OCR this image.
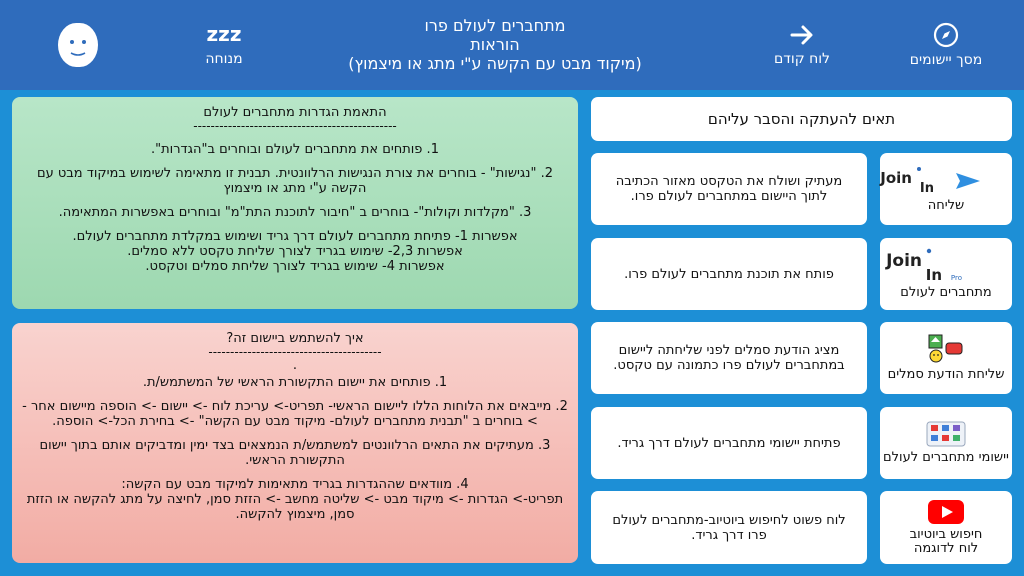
מסך יישומים
לוח קודם
מתחברים לעולם פרו
הוראות
(מיקוד מבט עם הקשה ע"י מתג או מיצמוץ)
zzz
מנוחה

התאמת הגדרות מתחברים לעולם

-----------------------------------------------

1. פותחים את מתחברים לעולם ובוחרים ב"הגדרות".

2. "נגישות" - בוחרים את צורת הנגישות הרלוונטית. תבנית זו מתאימה לשימוש במיקוד מבט עם הקשה ע"י מתג או מיצמוץ

3. "מקלדות וקולות"- בוחרים ב "חיבור לתוכנת התת"מ" ובוחרים באפשרות המתאימה.

אפשרות 1- פתיחת מתחברים לעולם דרך גריד ושימוש במקלדת מתחברים לעולם.

אפשרות 2,3- שימוש בגריד לצורך שליחת טקסט ללא סמלים.

אפשרות 4- שימוש בגריד לצורך שליחת סמלים וטקסט.

איך להשתמש ביישום זה?

----------------------------------------

.

1. פותחים את יישום התקשורת הראשי של המשתמש/ת.

2. מייבאים את הלוחות הללו ליישום הראשי- תפריט-> עריכת לוח -> יישום -> הוספה מיישום אחר -> בוחרים ב "תבנית מתחברים לעולם- מיקוד מבט עם הקשה" -> בחירת הכל-> הוספה.

3. מעתיקים את התאים הרלוונטים למשתמש/ת הנמצאים בצד ימין ומדביקים אותם בתוך יישום התקשורת הראשי.

4. מוודאים שההגדרות בגריד מתאימות למיקוד מבט עם הקשה:

תפריט-> הגדרות -> מיקוד מבט -> שליטה מחשב -> הזזת סמן, לחיצה על מתג להקשה או הזזת סמן, מיצמוץ להקשה.

תאים להעתקה והסבר עליהם
מעתיק ושולח את הטקסט מאזור הכתיבה לתוך היישום במתחברים לעולם פרו.
Join
In
שליחה
פותח את תוכנת מתחברים לעולם פרו.
Join
In Pro
מתחברים לעולם
מציג הודעת סמלים לפני שליחתה ליישום במתחברים לעולם פרו כתמונה עם טקסט.
שליחת הודעת סמלים
פתיחת יישומי מתחברים לעולם דרך גריד.
יישומי מתחברים לעולם
לוח פשוט לחיפוש ביוטיוב-מתחברים לעולם פרו דרך גריד.	חיפוש ביוטיוב לוח לדוגמה
